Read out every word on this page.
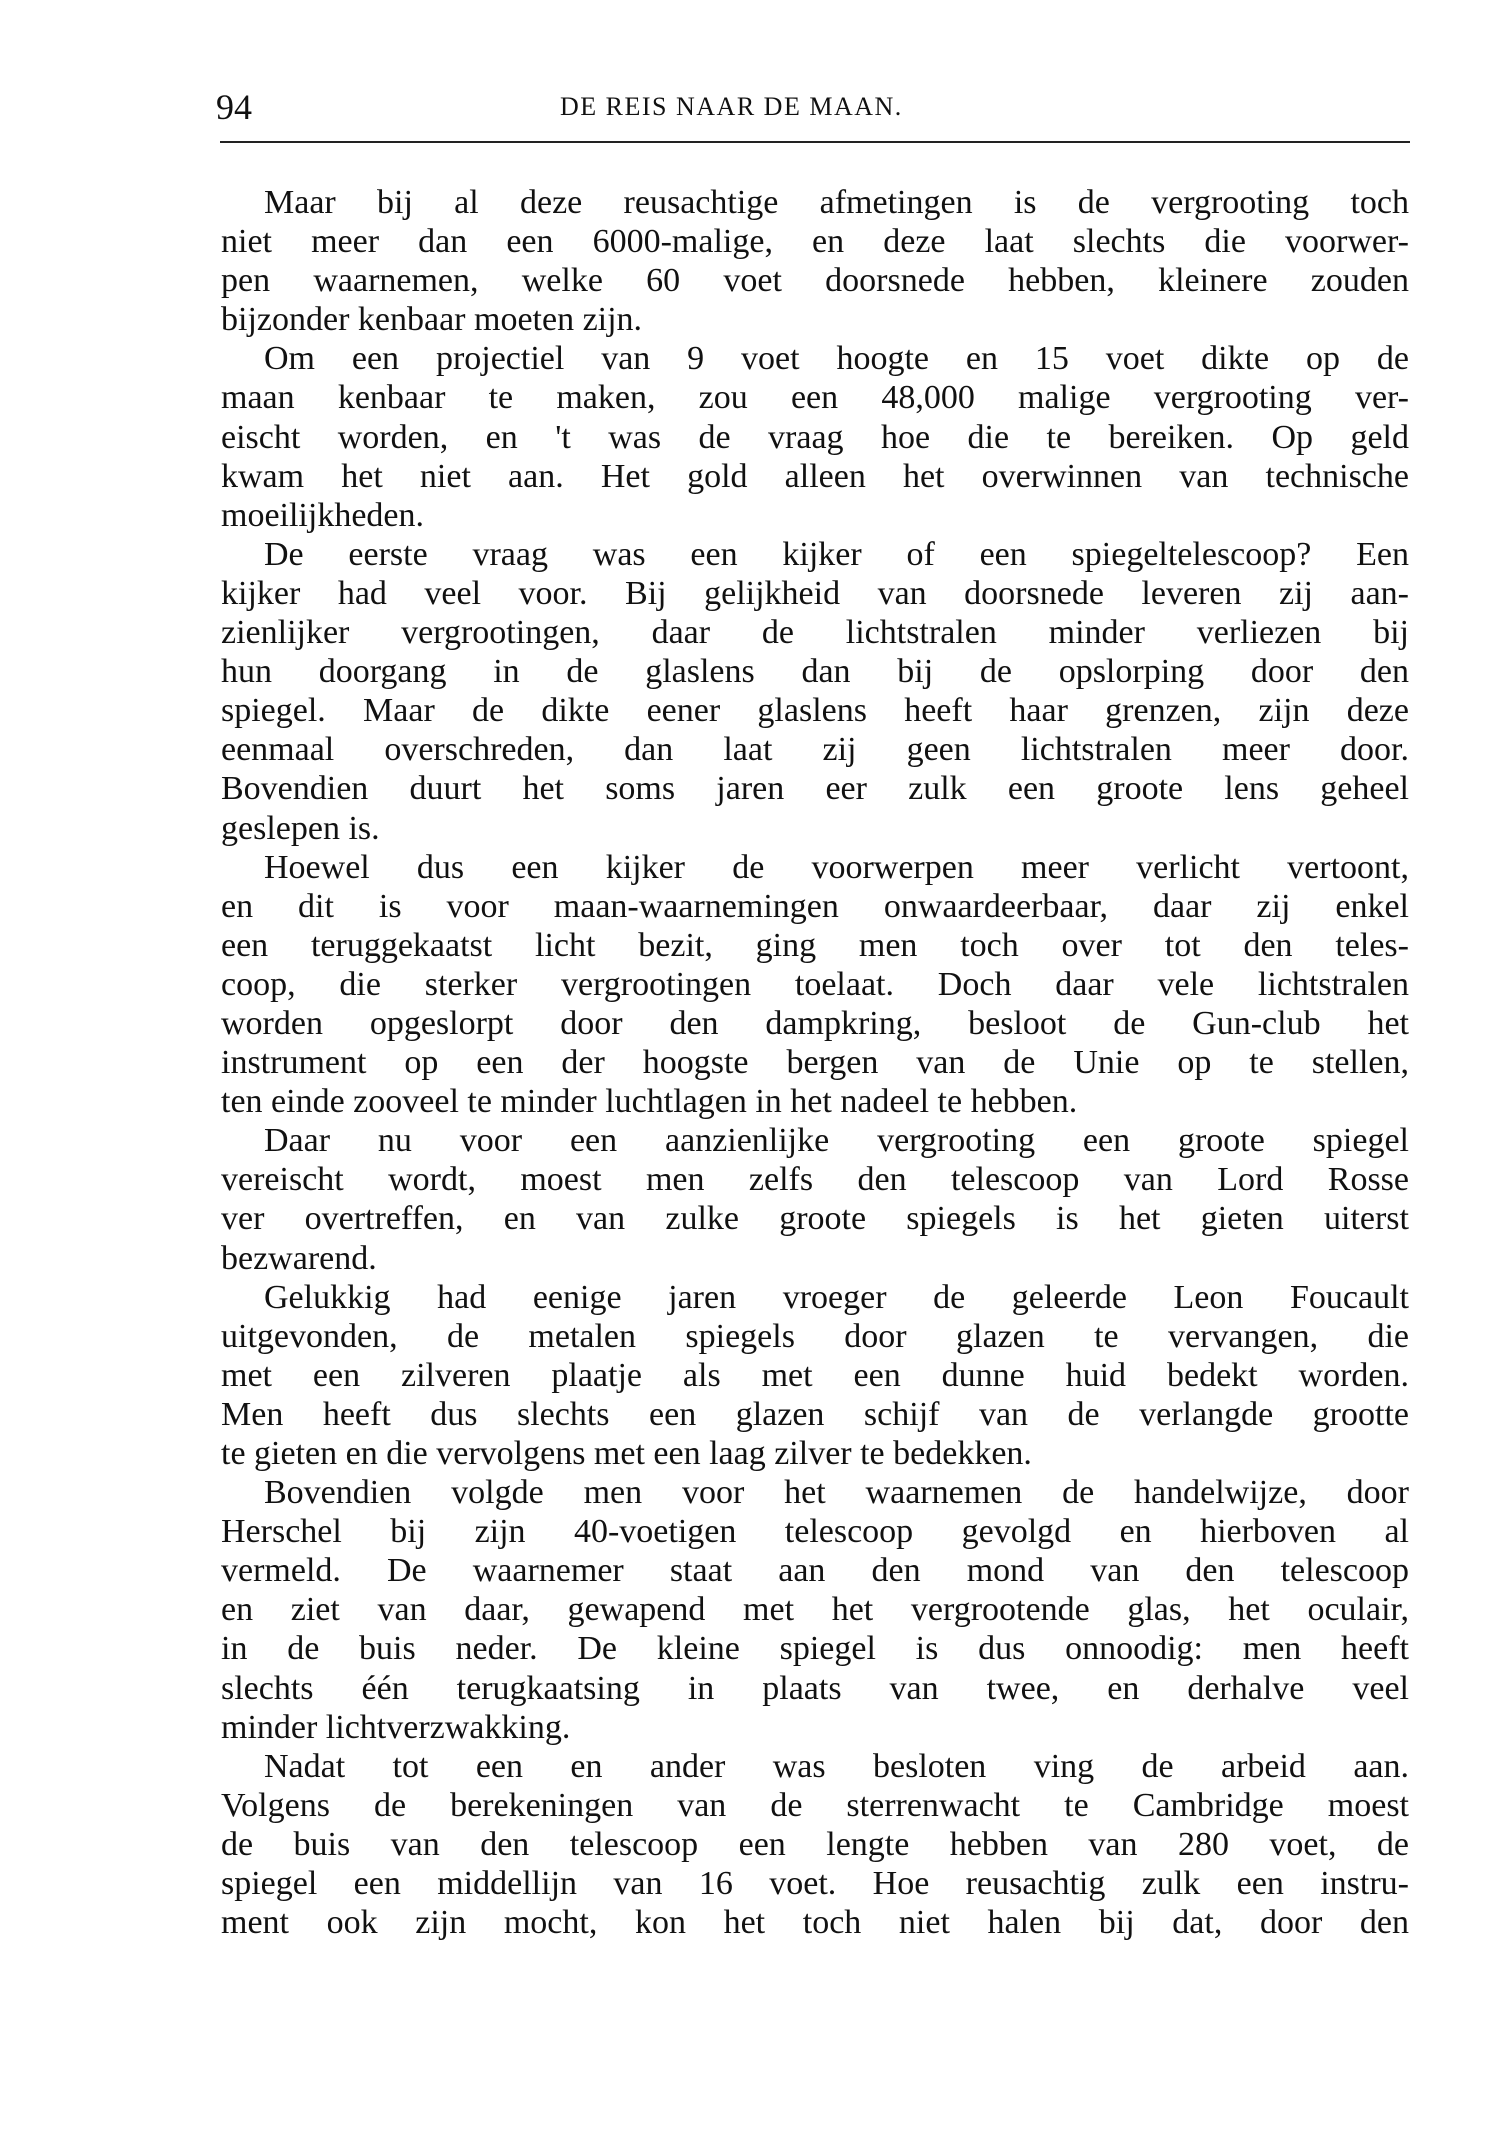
94	DE REIS NAAR DE MAAN.
Maar bij al deze reusachtige afmetingen is de vergrooting toch
niet meer dan een 6000-malige, en deze laat slechts die voorwer-
pen waarnemen, welke 60 voet doorsnede hebben, kleinere zouden
bijzonder kenbaar moeten zijn.
Om een projectiel van 9 voet hoogte en 15 voet dikte op de
maan kenbaar te maken, zou een 48,000 malige vergrooting ver-
eischt worden, en 't was de vraag hoe die te bereiken. Op geld
kwam het niet aan. Het gold alleen het overwinnen van technische
moeilijkheden.
De eerste vraag was een kijker of een spiegeltelescoop? Een
kijker had veel voor. Bij gelijkheid van doorsnede leveren zij aan-
zienlijker vergrootingen, daar de lichtstralen minder verliezen bij
hun doorgang in de glaslens dan bij de opslorping door den
spiegel. Maar de dikte eener glaslens heeft haar grenzen, zijn deze
eenmaal overschreden, dan laat zij geen lichtstralen meer door.
Bovendien duurt het soms jaren eer zulk een groote lens geheel
geslepen is.
Hoewel dus een kijker de voorwerpen meer verlicht vertoont,
en dit is voor maan-waarnemingen onwaardeerbaar, daar zij enkel
een teruggekaatst licht bezit, ging men toch over tot den teles-
coop, die sterker vergrootingen toelaat. Doch daar vele lichtstralen
worden opgeslorpt door den dampkring, besloot de Gun-club het
instrument op een der hoogste bergen van de Unie op te stellen,
ten einde zooveel te minder luchtlagen in het nadeel te hebben.
Daar nu voor een aanzienlijke vergrooting een groote spiegel
vereischt wordt, moest men zelfs den telescoop van Lord Rosse
ver overtreffen, en van zulke groote spiegels is het gieten uiterst
bezwarend.
Gelukkig had eenige jaren vroeger de geleerde Leon Foucault
uitgevonden, de metalen spiegels door glazen te vervangen, die
met een zilveren plaatje als met een dunne huid bedekt worden.
Men heeft dus slechts een glazen schijf van de verlangde grootte
te gieten en die vervolgens met een laag zilver te bedekken.
Bovendien volgde men voor het waarnemen de handelwijze, door
Herschel bij zijn 40-voetigen telescoop gevolgd en hierboven al
vermeld. De waarnemer staat aan den mond van den telescoop
en ziet van daar, gewapend met het vergrootende glas, het oculair,
in de buis neder. De kleine spiegel is dus onnoodig: men heeft
slechts één terugkaatsing in plaats van twee, en derhalve veel
minder lichtverzwakking.
Nadat tot een en ander was besloten ving de arbeid aan.
Volgens de berekeningen van de sterrenwacht te Cambridge moest
de buis van den telescoop een lengte hebben van 280 voet, de
spiegel een middellijn van 16 voet. Hoe reusachtig zulk een instru-
ment ook zijn mocht, kon het toch niet halen bij dat, door den
